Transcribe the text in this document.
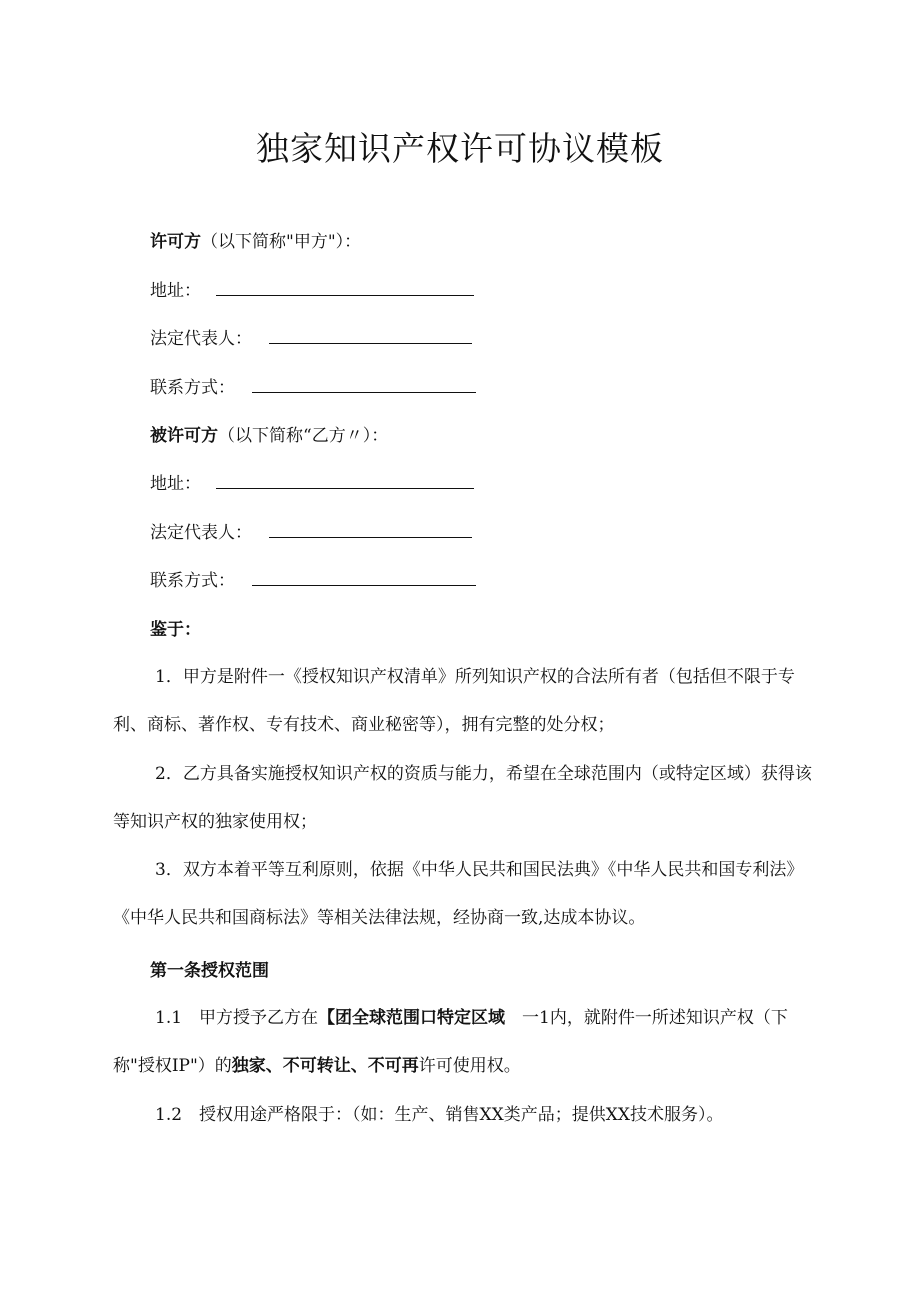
独家知识产权许可协议模板
许可方（以下简称"甲方"）：
地址：
法定代表人：
联系方式：
被许可方（以下简称“乙方〃）：
地址：
法定代表人：
联系方式：
鉴于：

1．甲方是附件一《授权知识产权清单》所列知识产权的合法所有者（包括但不限于专利、商标、著作权、专有技术、商业秘密等），拥有完整的处分权；

2．乙方具备实施授权知识产权的资质与能力，希望在全球范围内（或特定区域）获得该等知识产权的独家使用权；

3．双方本着平等互利原则，依据《中华人民共和国民法典》《中华人民共和国专利法》《中华人民共和国商标法》等相关法律法规，经协商一致,达成本协议。

第一条授权范围

1.1　甲方授予乙方在【团全球范围口特定区域　一1内，就附件一所述知识产权（下称"授权IP"）的独家、不可转让、不可再许可使用权。

1.2　授权用途严格限于：（如：生产、销售XX类产品；提供XX技术服务）。
